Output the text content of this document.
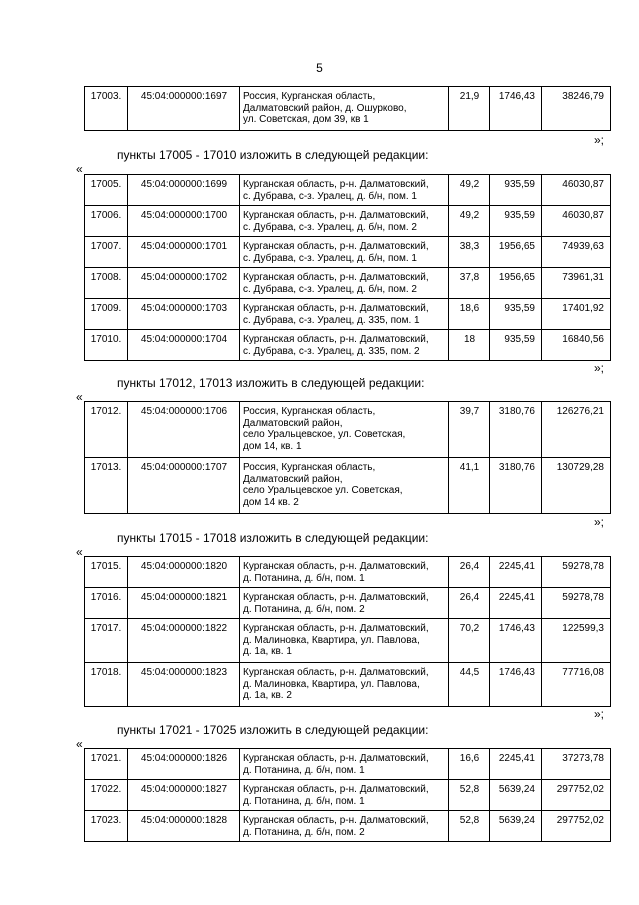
5
17003.	45:04:000000:1697	Россия, Курганская область,
Далматовский район, д. Ошурково,
ул. Советская, дом 39, кв 1	21,9	1746,43	38246,79
»;
пункты 17005 - 17010 изложить в следующей редакции:
«
17005.	45:04:000000:1699	Курганская область, р-н. Далматовский,
с. Дубрава, с-з. Уралец, д. б/н, пом. 1	49,2	935,59	46030,87
17006.	45:04:000000:1700	Курганская область, р-н. Далматовский,
с. Дубрава, с-з. Уралец, д. б/н, пом. 2	49,2	935,59	46030,87
17007.	45:04:000000:1701	Курганская область, р-н. Далматовский,
с. Дубрава, с-з. Уралец, д. б/н, пом. 1	38,3	1956,65	74939,63
17008.	45:04:000000:1702	Курганская область, р-н. Далматовский,
с. Дубрава, с-з. Уралец, д. б/н, пом. 2	37,8	1956,65	73961,31
17009.	45:04:000000:1703	Курганская область, р-н. Далматовский,
с. Дубрава, с-з. Уралец, д. 335, пом. 1	18,6	935,59	17401,92
17010.	45:04:000000:1704	Курганская область, р-н. Далматовский,
с. Дубрава, с-з. Уралец, д. 335, пом. 2	18	935,59	16840,56
»;
пункты 17012, 17013 изложить в следующей редакции:
«
17012.	45:04:000000:1706	Россия, Курганская область,
Далматовский район,
село Уральцевское, ул. Советская,
дом 14, кв. 1	39,7	3180,76	126276,21
17013.	45:04:000000:1707	Россия, Курганская область,
Далматовский район,
село Уральцевское ул. Советская,
дом 14 кв. 2	41,1	3180,76	130729,28
»;
пункты 17015 - 17018 изложить в следующей редакции:
«
17015.	45:04:000000:1820	Курганская область, р-н. Далматовский,
д. Потанина, д. б/н, пом. 1	26,4	2245,41	59278,78
17016.	45:04:000000:1821	Курганская область, р-н. Далматовский,
д. Потанина, д. б/н, пом. 2	26,4	2245,41	59278,78
17017.	45:04:000000:1822	Курганская область, р-н. Далматовский,
д. Малиновка, Квартира, ул. Павлова,
д. 1а, кв. 1	70,2	1746,43	122599,3
17018.	45:04:000000:1823	Курганская область, р-н. Далматовский,
д. Малиновка, Квартира, ул. Павлова,
д. 1а, кв. 2	44,5	1746,43	77716,08
»;
пункты 17021 - 17025 изложить в следующей редакции:
«
17021.	45:04:000000:1826	Курганская область, р-н. Далматовский,
д. Потанина, д. б/н, пом. 1	16,6	2245,41	37273,78
17022.	45:04:000000:1827	Курганская область, р-н. Далматовский,
д. Потанина, д. б/н, пом. 1	52,8	5639,24	297752,02
17023.	45:04:000000:1828	Курганская область, р-н. Далматовский,
д. Потанина, д. б/н, пом. 2	52,8	5639,24	297752,02
